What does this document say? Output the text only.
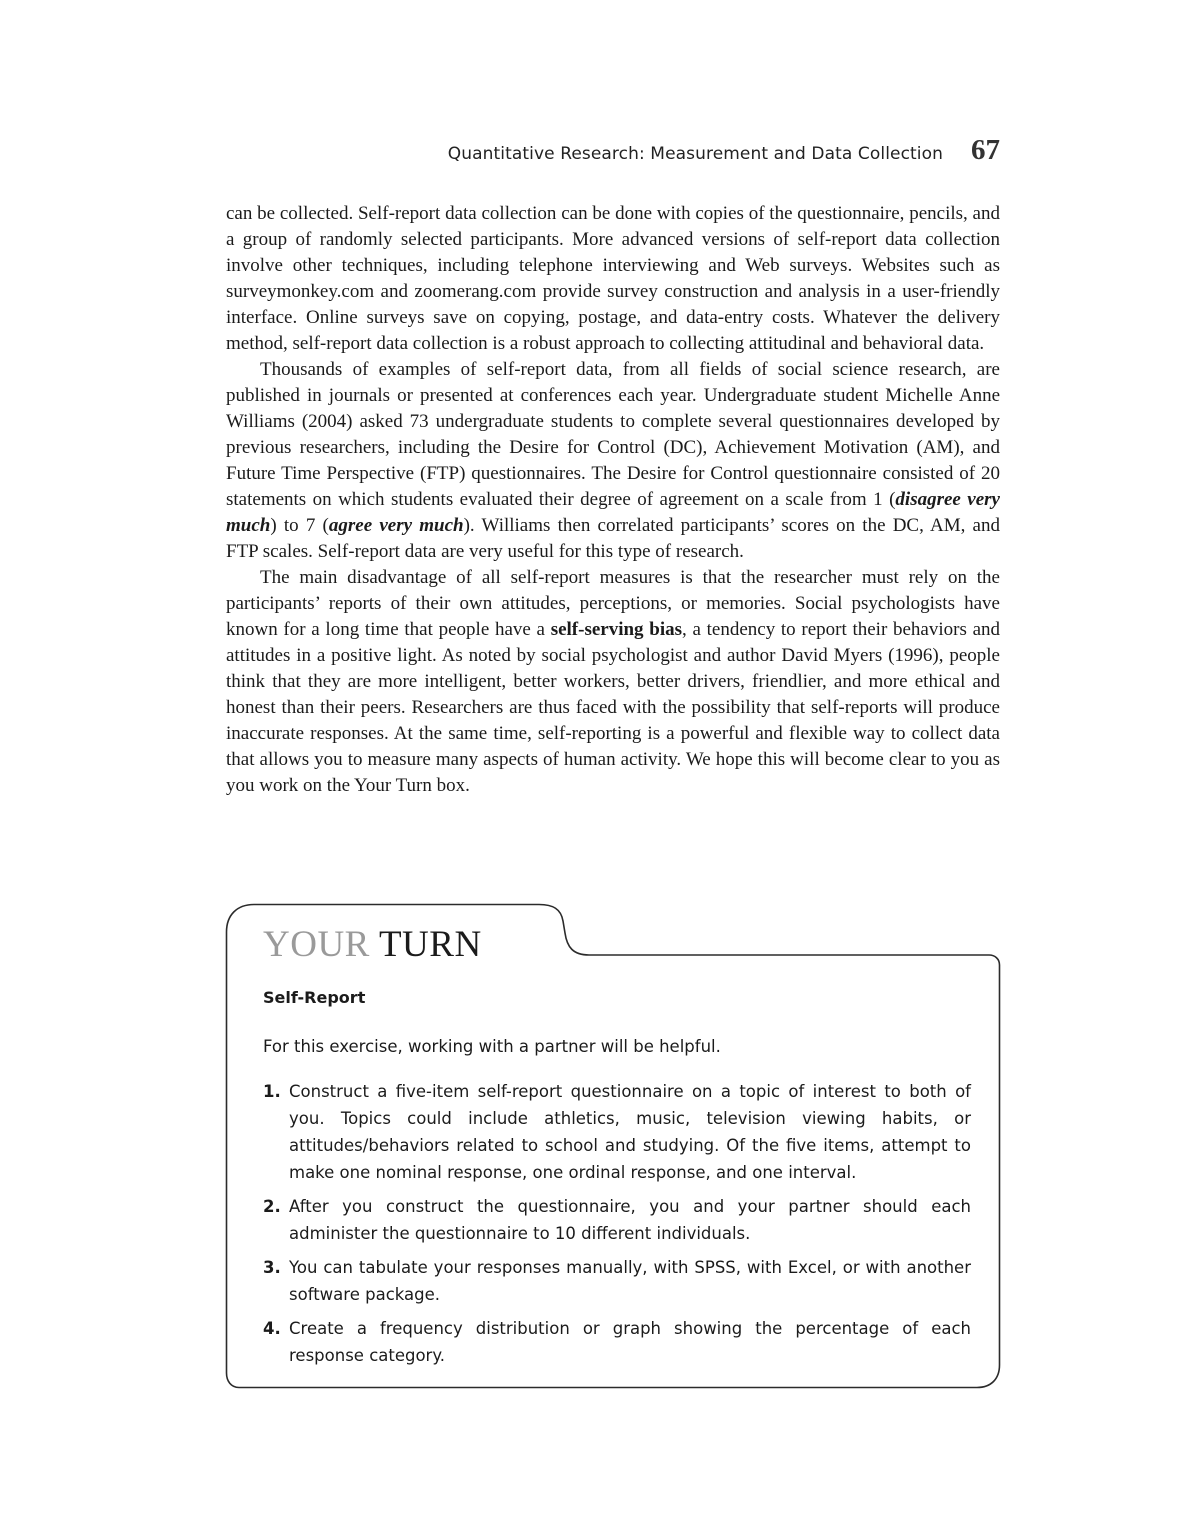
Quantitative Research: Measurement and Data Collection 67

can be collected. Self-report data collection can be done with copies of the questionnaire, pencils, and a group of randomly selected participants. More advanced versions of self-report data collection involve other techniques, including telephone interviewing and Web surveys. Websites such as surveymonkey.com and zoomerang.com provide survey construction and analysis in a user-friendly interface. Online surveys save on copying, postage, and data-entry costs. Whatever the delivery method, self-report data collection is a robust approach to collecting attitudinal and behavioral data.

Thousands of examples of self-report data, from all fields of social science research, are published in journals or presented at conferences each year. Undergraduate student Michelle Anne Williams (2004) asked 73 undergraduate students to complete several questionnaires developed by previous researchers, including the Desire for Control (DC), Achievement Motivation (AM), and Future Time Perspective (FTP) questionnaires. The Desire for Control questionnaire consisted of 20 statements on which students evaluated their degree of agreement on a scale from 1 (disagree very much) to 7 (agree very much). Williams then correlated participants’ scores on the DC, AM, and FTP scales. Self-report data are very useful for this type of research.

The main disadvantage of all self-report measures is that the researcher must rely on the participants’ reports of their own attitudes, perceptions, or memories. Social psychologists have known for a long time that people have a self-serving bias, a tendency to report their behaviors and attitudes in a positive light. As noted by social psychologist and author David Myers (1996), people think that they are more intelligent, better workers, better drivers, friendlier, and more ethical and honest than their peers. Researchers are thus faced with the possibility that self-reports will produce inaccurate responses. At the same time, self-reporting is a powerful and flexible way to collect data that allows you to measure many aspects of human activity. We hope this will become clear to you as you work on the Your Turn box.

YOUR TURN
Self-Report
For this exercise, working with a partner will be helpful.
1. Construct a five-item self-report questionnaire on a topic of interest to both of you. Topics could include athletics, music, television viewing habits, or attitudes/behaviors related to school and studying. Of the five items, attempt to make one nominal response, one ordinal response, and one interval.
2. After you construct the questionnaire, you and your partner should each administer the questionnaire to 10 different individuals.
3. You can tabulate your responses manually, with SPSS, with Excel, or with another software package.
4. Create a frequency distribution or graph showing the percentage of each response category.
